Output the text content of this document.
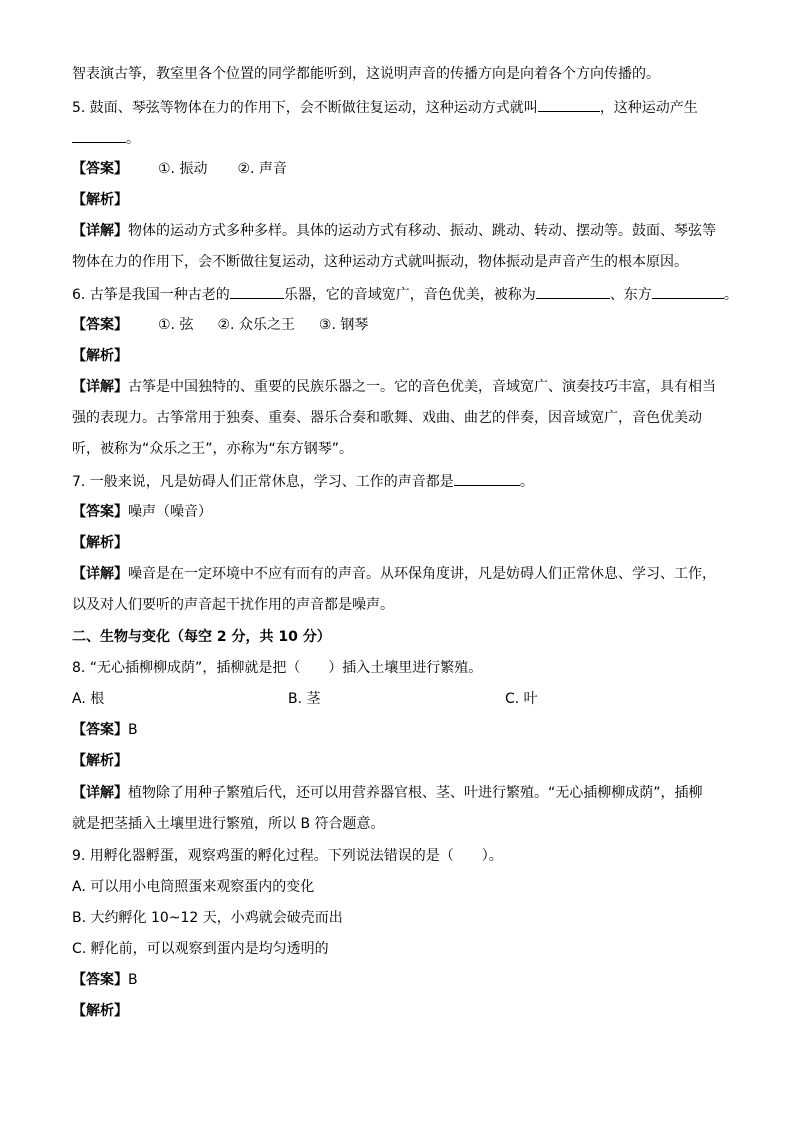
智表演古筝，教室里各个位置的同学都能听到，这说明声音的传播方向是向着各个方向传播的。
5. 鼓面、琴弦等物体在力的作用下，会不断做往复运动，这种运动方式就叫	，这种运动产生
。
【答案】 ①. 振动 ②. 声音
【解析】
【详解】物体的运动方式多种多样。具体的运动方式有移动、振动、跳动、转动、摆动等。鼓面、琴弦等
物体在力的作用下，会不断做往复运动，这种运动方式就叫振动，物体振动是声音产生的根本原因。
6. 古筝是我国一种古老的	乐器，它的音域宽广，音色优美，被称为	、东方	。
【答案】 ①. 弦 ②. 众乐之王 ③. 钢琴
【解析】
【详解】古筝是中国独特的、重要的民族乐器之一。它的音色优美，音域宽广、演奏技巧丰富，具有相当
强的表现力。古筝常用于独奏、重奏、器乐合奏和歌舞、戏曲、曲艺的伴奏，因音域宽广，音色优美动
听，被称为“众乐之王”，亦称为“东方钢琴”。
7. 一般来说，凡是妨碍人们正常休息，学习、工作的声音都是	。
【答案】噪声（噪音）
【解析】
【详解】噪音是在一定环境中不应有而有的声音。从环保角度讲，凡是妨碍人们正常休息、学习、工作，
以及对人们要听的声音起干扰作用的声音都是噪声。
二、生物与变化（每空 2 分，共 10 分）
8. “无心插柳柳成荫”，插柳就是把（　　）插入土壤里进行繁殖。
A. 根	B. 茎	C. 叶
【答案】B
【解析】
【详解】植物除了用种子繁殖后代，还可以用营养器官根、茎、叶进行繁殖。“无心插柳柳成荫”，插柳
就是把茎插入土壤里进行繁殖，所以 B 符合题意。
9. 用孵化器孵蛋，观察鸡蛋的孵化过程。下列说法错误的是（　　）。
A. 可以用小电筒照蛋来观察蛋内的变化
B. 大约孵化 10~12 天，小鸡就会破壳而出
C. 孵化前，可以观察到蛋内是均匀透明的
【答案】B
【解析】
